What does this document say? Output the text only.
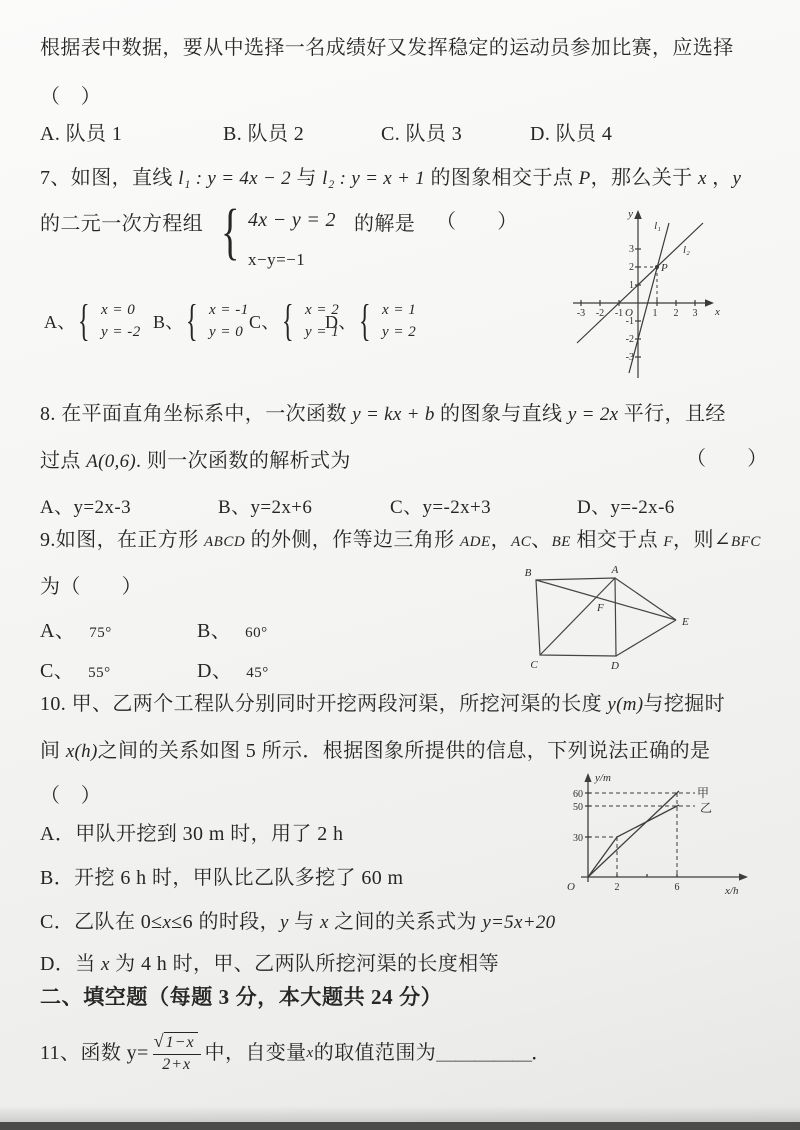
根据表中数据，要从中选择一名成绩好又发挥稳定的运动员参加比赛，应选择
（　）
A. 队员 1	B. 队员 2	C. 队员 3	D. 队员 4
7、如图，直线 l₁ : y = 4x − 2 与 l₂ : y = x + 1 的图象相交于点 P，那么关于 x ，y
的二元一次方程组 { 4x − y = 2 的解是 （　　）
x−y=−1
y
x
O
l₁
l₂
P
-3 -2 -1	1 2 3
3
2
1
-1
-2
-3
A、 { x = 0
y = -2 B、 { x = -1
y = 0 C、 { x = 2
y = 1
D、 { x = 1
y = 2
8. 在平面直角坐标系中，一次函数 y = kx + b 的图象与直线 y = 2x 平行，且经
过点 A(0,6). 则一次函数的解析式为	（　　）
A、y=2x-3	B、y=2x+6	C、y=-2x+3	D、y=-2x-6
9.如图，在正方形 ABCD 的外侧，作等边三角形 ADE，AC、BE 相交于点 F，则∠BFC
为（　　）
A、 75°	B、 60°
C、 55°	D、 45°
B	A
C	D
E
F
10. 甲、乙两个工程队分别同时开挖两段河渠，所挖河渠的长度 y(m)与挖掘时
间 x(h)之间的关系如图 5 所示．根据图象所提供的信息，下列说法正确的是
（　）
A．甲队开挖到 30 m 时，用了 2 h
B．开挖 6 h 时，甲队比乙队多挖了 60 m
C．乙队在 0≤x≤6 的时段，y 与 x 之间的关系式为 y=5x+20
D．当 x 为 4 h 时，甲、乙两队所挖河渠的长度相等
y/m
x/h
O
60
50
30
2	6
甲
乙
二、填空题（每题 3 分，本大题共 24 分）
11、函数 $y= \frac{√ 1-x}{2+x}$ 中，自变量 x 的取值范围为 ＿＿＿＿＿ ．
